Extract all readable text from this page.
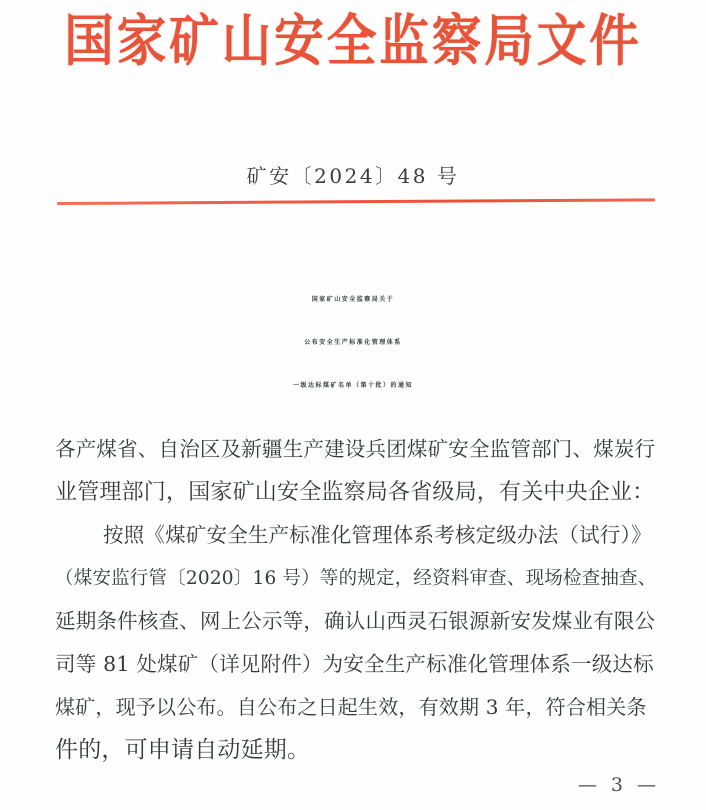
国家矿山安全监察局文件
矿安〔2024〕48 号
国家矿山安全监察局关于
公布安全生产标准化管理体系
一级达标煤矿名单（第十批）的通知
各产煤省、自治区及新疆生产建设兵团煤矿安全监管部门、煤炭行
业管理部门，国家矿山安全监察局各省级局，有关中央企业：
按照《煤矿安全生产标准化管理体系考核定级办法（试行）》
（煤安监行管〔2020〕16 号）等的规定，经资料审查、现场检查抽查、
延期条件核查、网上公示等，确认山西灵石银源新安发煤业有限公
司等 81 处煤矿（详见附件）为安全生产标准化管理体系一级达标
煤矿，现予以公布。自公布之日起生效，有效期 3 年，符合相关条
件的，可申请自动延期。
— 3 —
